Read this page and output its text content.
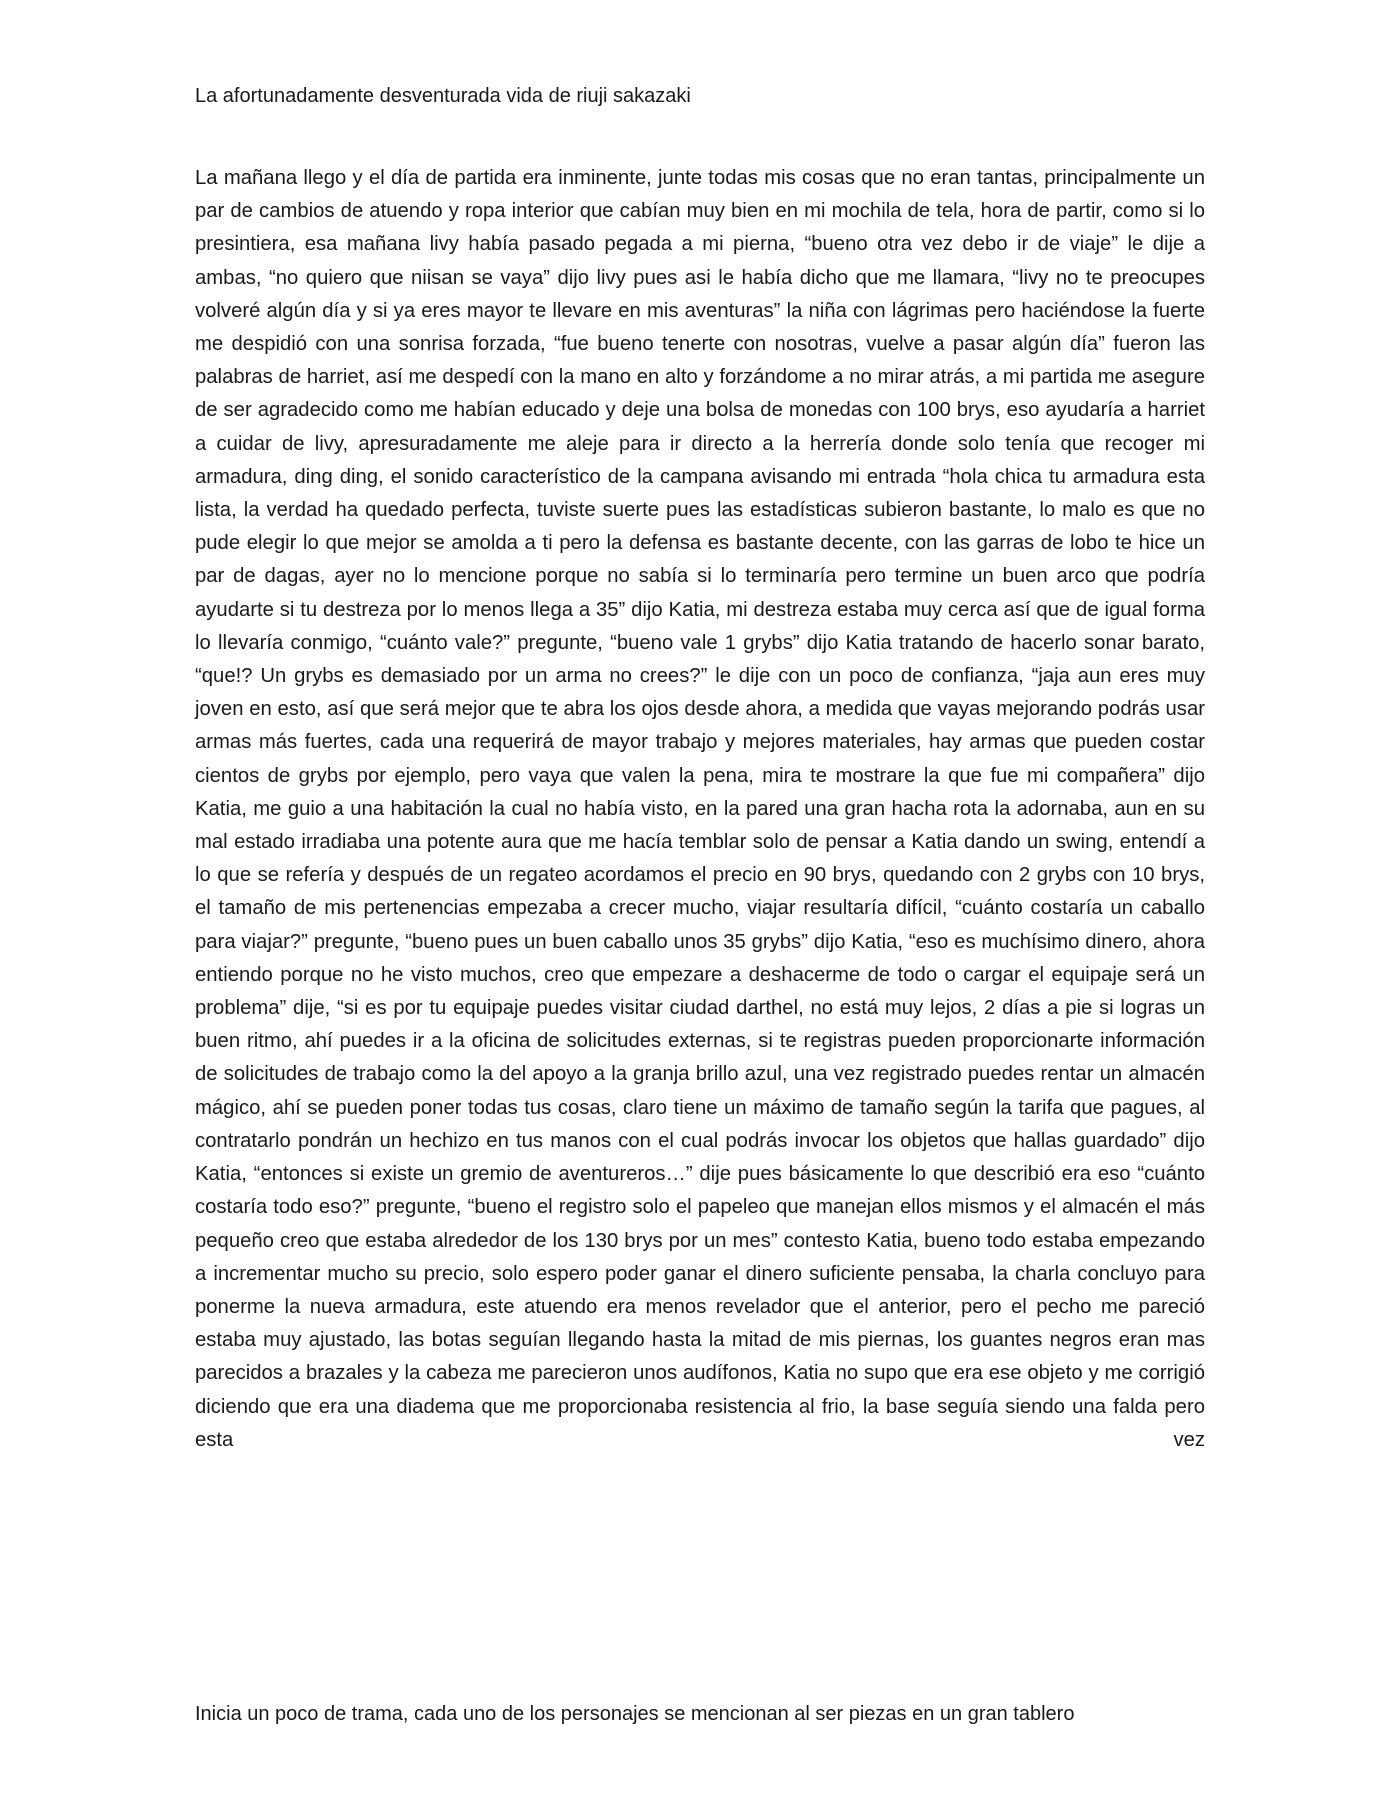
La afortunadamente desventurada vida de riuji sakazaki

La mañana llego y el día de partida era inminente, junte todas mis cosas que no eran tantas, principalmente un par de cambios de atuendo y ropa interior que cabían muy bien en mi mochila de tela, hora de partir, como si lo presintiera, esa mañana livy había pasado pegada a mi pierna, “bueno otra vez debo ir de viaje” le dije a ambas, “no quiero que niisan se vaya” dijo livy pues asi le había dicho que me llamara, “livy no te preocupes volveré algún día y si ya eres mayor te llevare en mis aventuras” la niña con lágrimas pero haciéndose la fuerte me despidió con una sonrisa forzada, “fue bueno tenerte con nosotras, vuelve a pasar algún día” fueron las palabras de harriet, así me despedí con la mano en alto y forzándome a no mirar atrás, a mi partida me asegure de ser agradecido como me habían educado y deje una bolsa de monedas con 100 brys, eso ayudaría a harriet a cuidar de livy, apresuradamente me aleje para ir directo a la herrería donde solo tenía que recoger mi armadura, ding ding, el sonido característico de la campana avisando mi entrada “hola chica tu armadura esta lista, la verdad ha quedado perfecta, tuviste suerte pues las estadísticas subieron bastante, lo malo es que no pude elegir lo que mejor se amolda a ti pero la defensa es bastante decente, con las garras de lobo te hice un par de dagas, ayer no lo mencione porque no sabía si lo terminaría pero termine un buen arco que podría ayudarte si tu destreza por lo menos llega a 35” dijo Katia, mi destreza estaba muy cerca así que de igual forma lo llevaría conmigo, “cuánto vale?” pregunte, “bueno vale 1 grybs” dijo Katia tratando de hacerlo sonar barato, “que!? Un grybs es demasiado por un arma no crees?” le dije con un poco de confianza, “jaja aun eres muy joven en esto, así que será mejor que te abra los ojos desde ahora, a medida que vayas mejorando podrás usar armas más fuertes, cada una requerirá de mayor trabajo y mejores materiales, hay armas que pueden costar cientos de grybs por ejemplo, pero vaya que valen la pena, mira te mostrare la que fue mi compañera” dijo Katia, me guio a una habitación la cual no había visto, en la pared una gran hacha rota la adornaba, aun en su mal estado irradiaba una potente aura que me hacía temblar solo de pensar a Katia dando un swing, entendí a lo que se refería y después de un regateo acordamos el precio en 90 brys, quedando con 2 grybs con 10 brys, el tamaño de mis pertenencias empezaba a crecer mucho, viajar resultaría difícil, “cuánto costaría un caballo para viajar?” pregunte, “bueno pues un buen caballo unos 35 grybs” dijo Katia, “eso es muchísimo dinero, ahora entiendo porque no he visto muchos, creo que empezare a deshacerme de todo o cargar el equipaje será un problema” dije, “si es por tu equipaje puedes visitar ciudad darthel, no está muy lejos, 2 días a pie si logras un buen ritmo, ahí puedes ir a la oficina de solicitudes externas, si te registras pueden proporcionarte información de solicitudes de trabajo como la del apoyo a la granja brillo azul, una vez registrado puedes rentar un almacén mágico, ahí se pueden poner todas tus cosas, claro tiene un máximo de tamaño según la tarifa que pagues, al contratarlo pondrán un hechizo en tus manos con el cual podrás invocar los objetos que hallas guardado” dijo Katia, “entonces si existe un gremio de aventureros…” dije pues básicamente lo que describió era eso “cuánto costaría todo eso?” pregunte, “bueno el registro solo el papeleo que manejan ellos mismos y el almacén el más pequeño creo que estaba alrededor de los 130 brys por un mes” contesto Katia, bueno todo estaba empezando a incrementar mucho su precio, solo espero poder ganar el dinero suficiente pensaba, la charla concluyo para ponerme la nueva armadura, este atuendo era menos revelador que el anterior, pero el pecho me pareció estaba muy ajustado, las botas seguían llegando hasta la mitad de mis piernas, los guantes negros eran mas parecidos a brazales y la cabeza me parecieron unos audífonos, Katia no supo que era ese objeto y me corrigió diciendo que era una diadema que me proporcionaba resistencia al frio, la base seguía siendo una falda pero esta vez

Inicia un poco de trama, cada uno de los personajes se mencionan al ser piezas en un gran tablero
